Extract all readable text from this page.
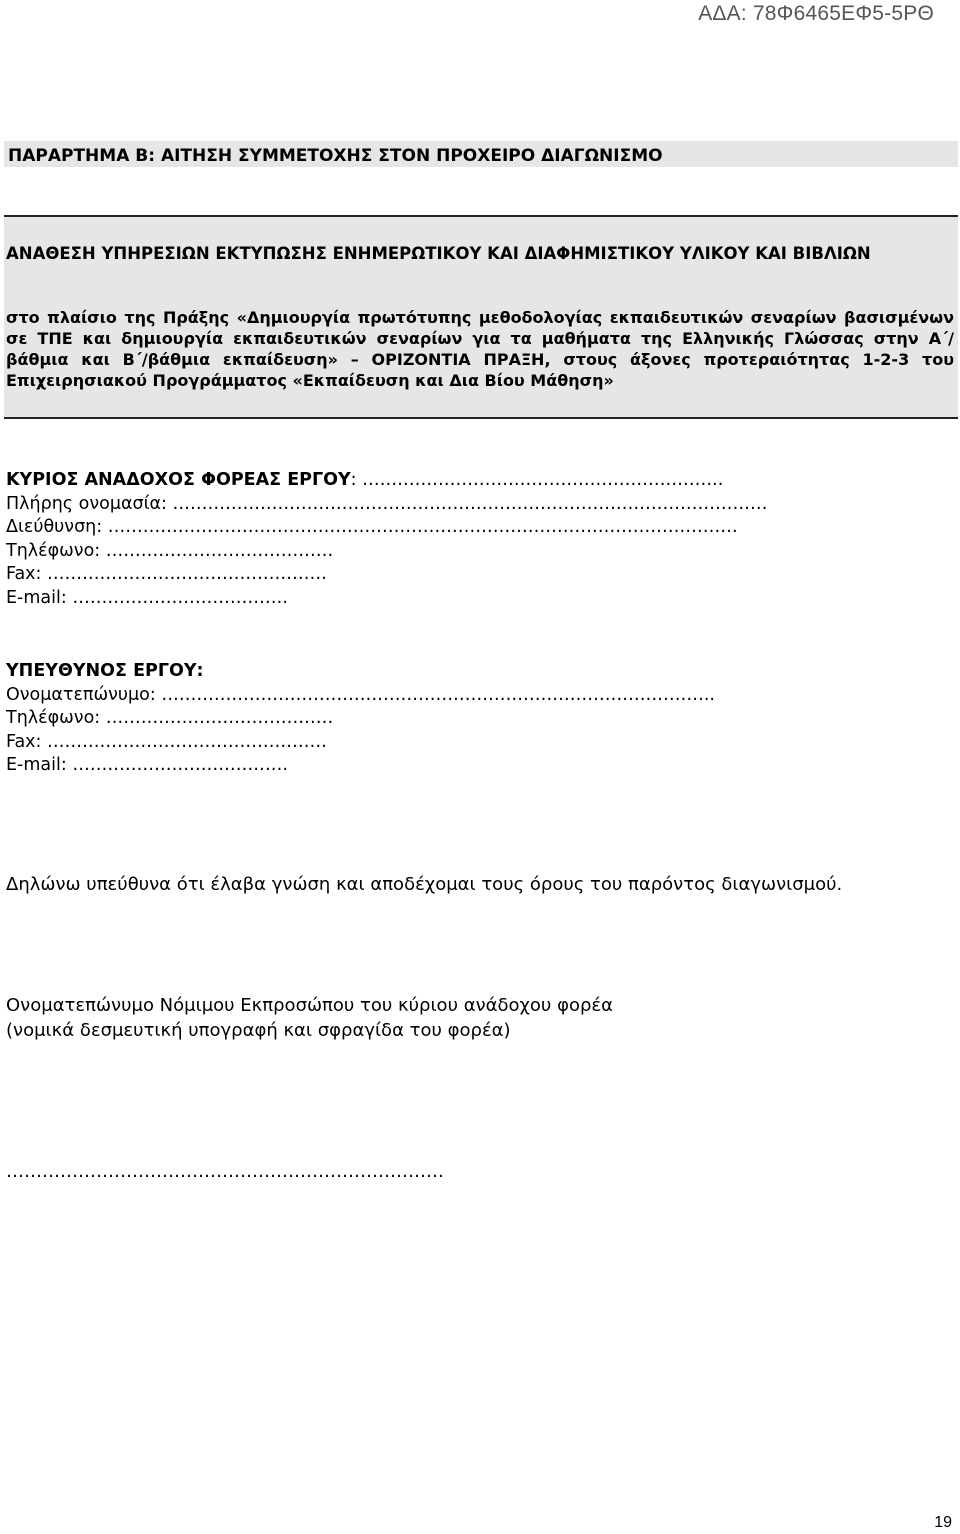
ΑΔΑ: 78Φ6465ΕΦ5-5ΡΘ
ΠΑΡΑΡΤΗΜΑ Β: ΑΙΤΗΣΗ ΣΥΜΜΕΤΟΧΗΣ ΣΤΟΝ ΠΡΟΧΕΙΡΟ ΔΙΑΓΩΝΙΣΜΟ
ΑΝΑΘΕΣΗ ΥΠΗΡΕΣΙΩΝ ΕΚΤΥΠΩΣΗΣ ΕΝΗΜΕΡΩΤΙΚΟΥ ΚΑΙ ΔΙΑΦΗΜΙΣΤΙΚΟΥ ΥΛΙΚΟΥ ΚΑΙ ΒΙΒΛΙΩΝ
στο πλαίσιο της Πράξης «Δημιουργία πρωτότυπης μεθοδολογίας εκπαιδευτικών σεναρίων βασισμένων σε ΤΠΕ και δημιουργία εκπαιδευτικών σεναρίων για τα μαθήματα της Ελληνικής Γλώσσας στην Α΄/βάθμια και Β΄/βάθμια εκπαίδευση» – ΟΡΙΖΟΝΤΙΑ ΠΡΑΞΗ, στους άξονες προτεραιότητας 1-2-3 του Επιχειρησιακού Προγράμματος «Εκπαίδευση και Δια Βίου Μάθηση»
ΚΥΡΙΟΣ ΑΝΑΔΟΧΟΣ ΦΟΡΕΑΣ ΕΡΓΟΥ: ……………………………………………………..
Πλήρης ονομασία: …………………………………………………………………………………………
Διεύθυνση: ………………………………………………………………………………………………
Τηλέφωνο: …………………………………
Fax: …………………………………………
E-mail: ……………………………….
ΥΠΕΥΘΥΝΟΣ ΕΡΓΟΥ:
Ονοματεπώνυμο: …………………………………………………………………………………..
Τηλέφωνο: …………………………………
Fax: …………………………………………
E-mail: ……………………………….
Δηλώνω υπεύθυνα ότι έλαβα γνώση και αποδέχομαι τους όρους του παρόντος διαγωνισμού.
Ονοματεπώνυμο Νόμιμου Εκπροσώπου του κύριου ανάδοχου φορέα
(νομικά δεσμευτική υπογραφή και σφραγίδα του φορέα)
……………………………………………………………….
19
